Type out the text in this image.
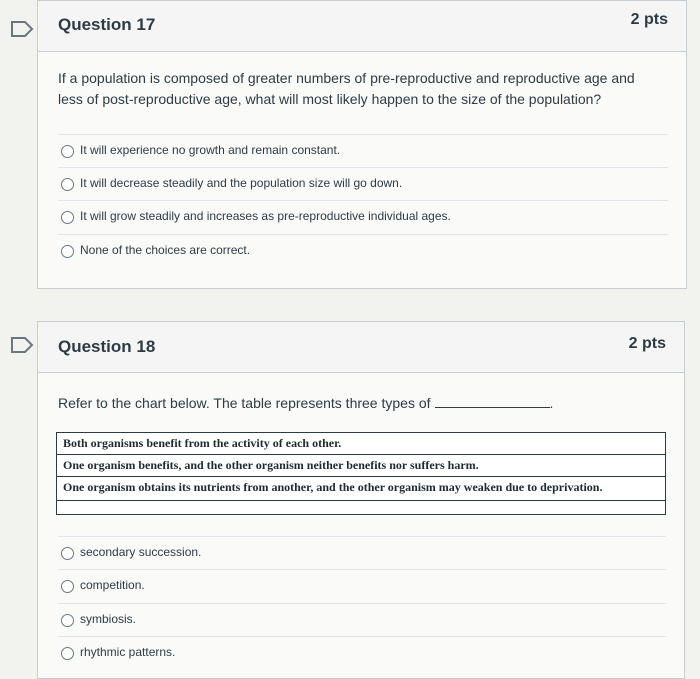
Question 17	2 pts
If a population is composed of greater numbers of pre-reproductive and reproductive age and less of post-reproductive age, what will most likely happen to the size of the population?
It will experience no growth and remain constant.
It will decrease steadily and the population size will go down.
It will grow steadily and increases as pre-reproductive individual ages.
None of the choices are correct.
Question 18	2 pts
Refer to the chart below. The table represents three types of	.
Both organisms benefit from the activity of each other.
One organism benefits, and the other organism neither benefits nor suffers harm.
One organism obtains its nutrients from another, and the other organism may weaken due to deprivation.
secondary succession.
competition.
symbiosis.
rhythmic patterns.
